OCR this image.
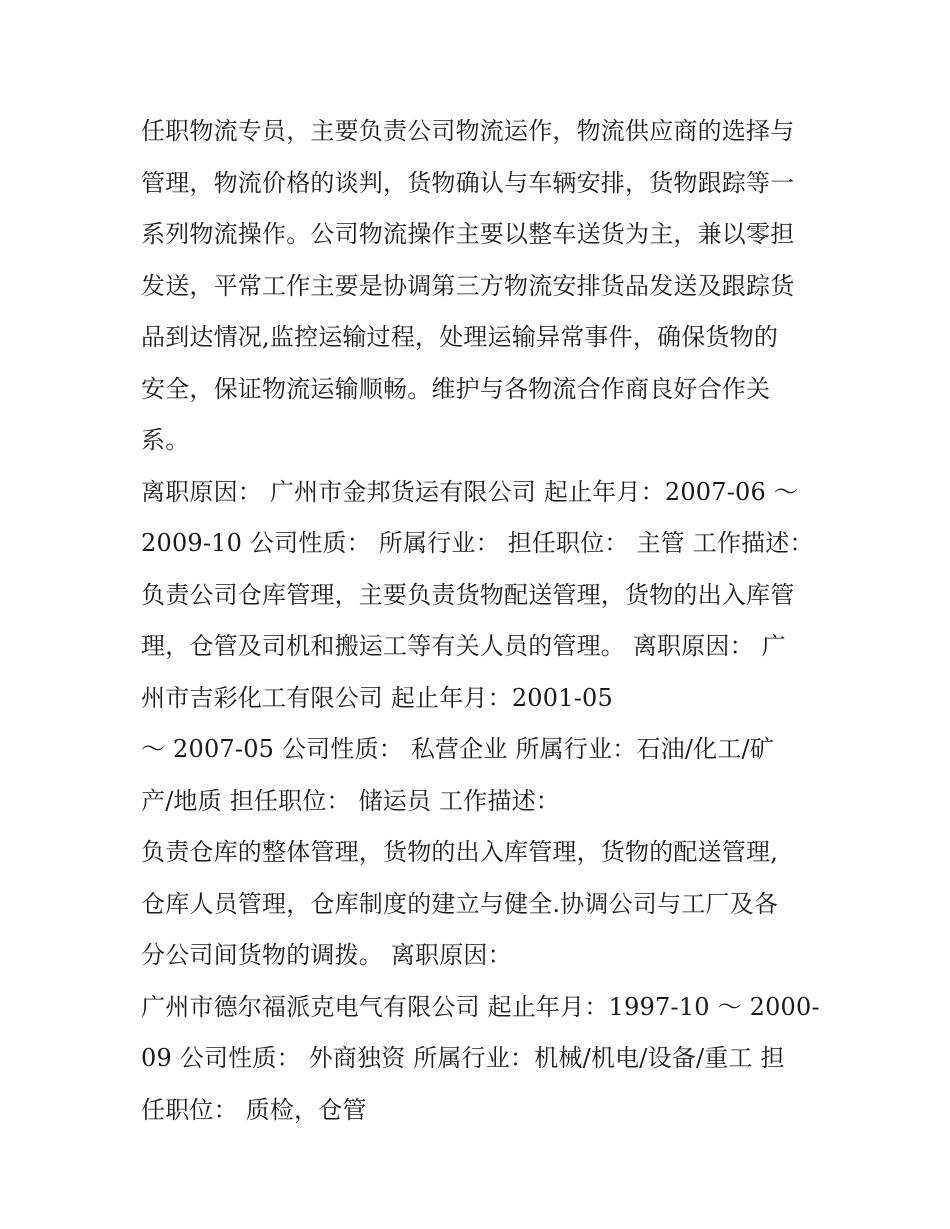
任职物流专员，主要负责公司物流运作，物流供应商的选择与
管理，物流价格的谈判，货物确认与车辆安排，货物跟踪等一
系列物流操作。公司物流操作主要以整车送货为主，兼以零担
发送，平常工作主要是协调第三方物流安排货品发送及跟踪货
品到达情况,监控运输过程，处理运输异常事件，确保货物的
安全，保证物流运输顺畅。维护与各物流合作商良好合作关
系。
离职原因： 广州市金邦货运有限公司 起止年月：2007-06 ～
2009-10 公司性质： 所属行业： 担任职位： 主管 工作描述：
负责公司仓库管理，主要负责货物配送管理，货物的出入库管
理，仓管及司机和搬运工等有关人员的管理。 离职原因： 广
州市吉彩化工有限公司 起止年月：2001-05
～ 2007-05 公司性质： 私营企业 所属行业：石油/化工/矿
产/地质 担任职位： 储运员 工作描述：
负责仓库的整体管理，货物的出入库管理，货物的配送管理,
仓库人员管理，仓库制度的建立与健全.协调公司与工厂及各
分公司间货物的调拨。 离职原因：
广州市德尔福派克电气有限公司 起止年月：1997-10 ～ 2000-
09 公司性质： 外商独资 所属行业：机械/机电/设备/重工 担
任职位： 质检，仓管
